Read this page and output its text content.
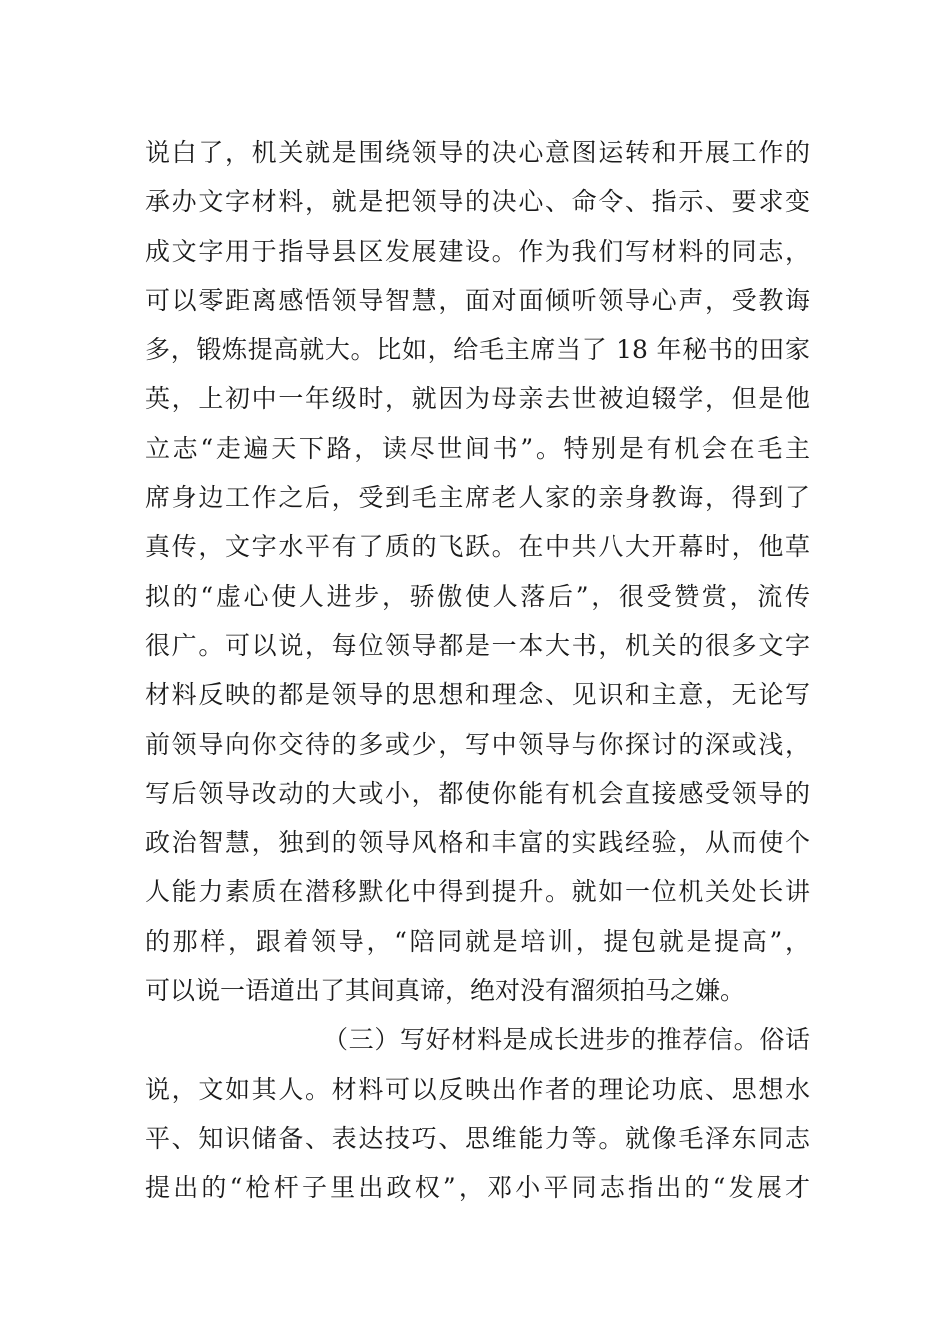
说白了，机关就是围绕领导的决心意图运转和开展工作的
承办文字材料，就是把领导的决心、命令、指示、要求变
成文字用于指导县区发展建设。作为我们写材料的同志，
可以零距离感悟领导智慧，面对面倾听领导心声，受教诲
多，锻炼提高就大。比如，给毛主席当了 18 年秘书的田家
英，上初中一年级时，就因为母亲去世被迫辍学，但是他
立志“走遍天下路，读尽世间书”。特别是有机会在毛主
席身边工作之后，受到毛主席老人家的亲身教诲，得到了
真传，文字水平有了质的飞跃。在中共八大开幕时，他草
拟的“虚心使人进步，骄傲使人落后”，很受赞赏，流传
很广。可以说，每位领导都是一本大书，机关的很多文字
材料反映的都是领导的思想和理念、见识和主意，无论写
前领导向你交待的多或少，写中领导与你探讨的深或浅，
写后领导改动的大或小，都使你能有机会直接感受领导的
政治智慧，独到的领导风格和丰富的实践经验，从而使个
人能力素质在潜移默化中得到提升。就如一位机关处长讲
的那样，跟着领导，“陪同就是培训，提包就是提高”，
可以说一语道出了其间真谛，绝对没有溜须拍马之嫌。
（三）写好材料是成长进步的推荐信。俗话
说，文如其人。材料可以反映出作者的理论功底、思想水
平、知识储备、表达技巧、思维能力等。就像毛泽东同志
提出的“枪杆子里出政权”，邓小平同志指出的“发展才
